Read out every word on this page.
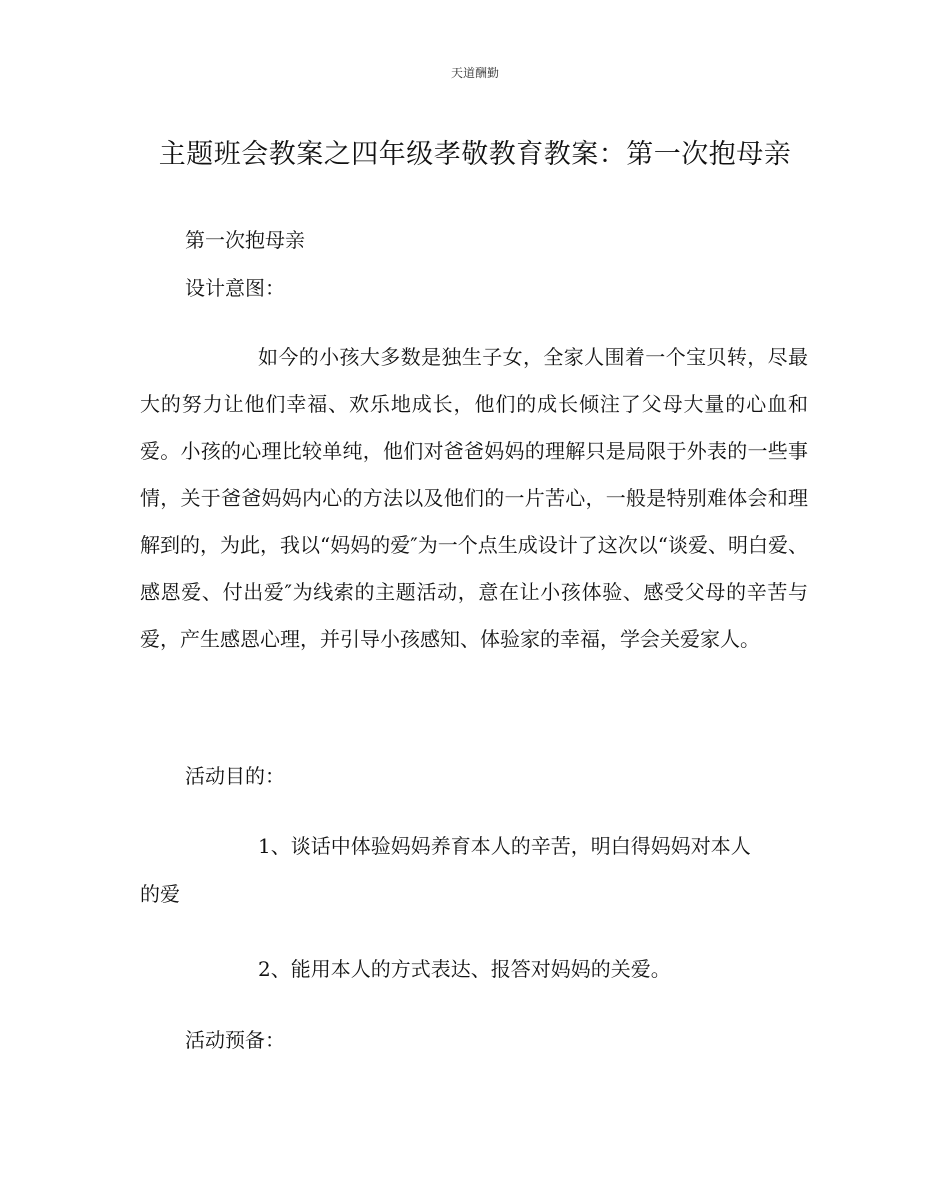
天道酬勤
主题班会教案之四年级孝敬教育教案：第一次抱母亲
第一次抱母亲
设计意图：
如今的小孩大多数是独生子女，全家人围着一个宝贝转，尽最大的努力让他们幸福、欢乐地成长，他们的成长倾注了父母大量的心血和爱。小孩的心理比较单纯，他们对爸爸妈妈的理解只是局限于外表的一些事情，关于爸爸妈妈内心的方法以及他们的一片苦心，一般是特别难体会和理解到的，为此，我以“妈妈的爱″为一个点生成设计了这次以“谈爱、明白爱、感恩爱、付出爱″为线索的主题活动，意在让小孩体验、感受父母的辛苦与爱，产生感恩心理，并引导小孩感知、体验家的幸福，学会关爱家人。
活动目的：
1、谈话中体验妈妈养育本人的辛苦，明白得妈妈对本人
的爱
2、能用本人的方式表达、报答对妈妈的关爱。
活动预备：
